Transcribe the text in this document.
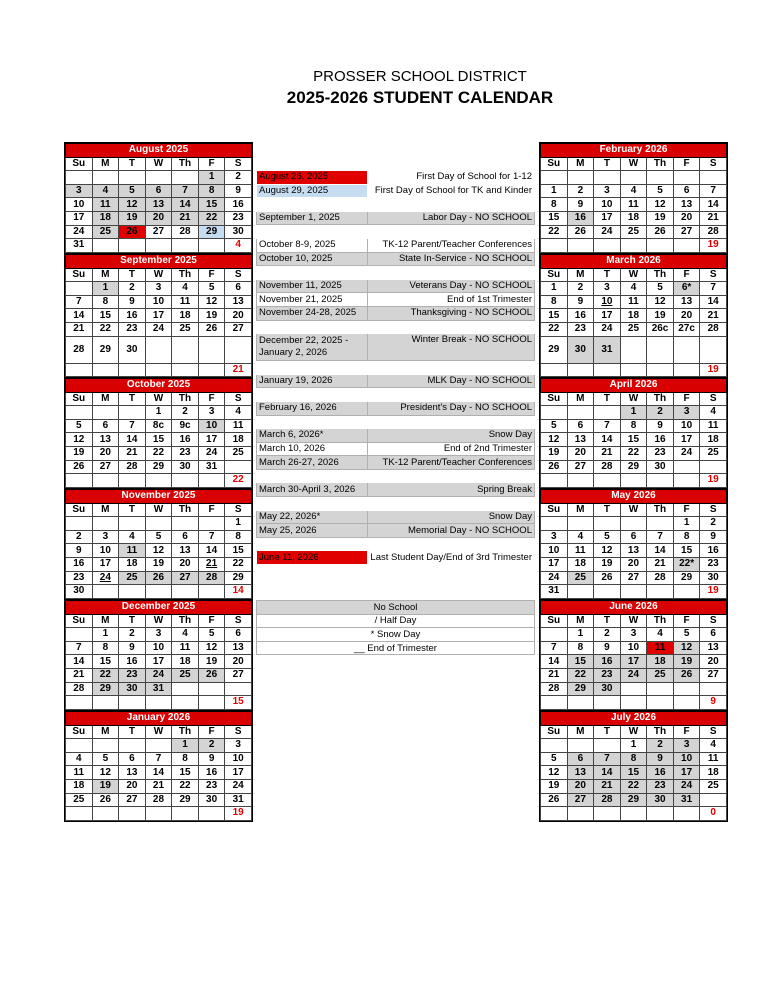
PROSSER SCHOOL DISTRICT
2025-2026 STUDENT CALENDAR
August 2025						
Su	M	T	W	Th	F	S
					1	2
3	4	5	6	7	8	9
10	11	12	13	14	15	16
17	18	19	20	21	22	23
24	25	26	27	28	29	30
31						4
September 2025						
Su	M	T	W	Th	F	S
	1	2	3	4	5	6
7	8	9	10	11	12	13
14	15	16	17	18	19	20
21	22	23	24	25	26	27
28	29	30				
						21
October 2025						
Su	M	T	W	Th	F	S
			1	2	3	4
5	6	7	8c	9c	10	11
12	13	14	15	16	17	18
19	20	21	22	23	24	25
26	27	28	29	30	31	
						22
November 2025						
Su	M	T	W	Th	F	S
						1
2	3	4	5	6	7	8
9	10	11	12	13	14	15
16	17	18	19	20	21	22
23	24	25	26	27	28	29
30						14
December 2025						
Su	M	T	W	Th	F	S
	1	2	3	4	5	6
7	8	9	10	11	12	13
14	15	16	17	18	19	20
21	22	23	24	25	26	27
28	29	30	31			
						15
January 2026						
Su	M	T	W	Th	F	S
				1	2	3
4	5	6	7	8	9	10
11	12	13	14	15	16	17
18	19	20	21	22	23	24
25	26	27	28	29	30	31
						19
February 2026						
Su	M	T	W	Th	F	S

1	2	3	4	5	6	7
8	9	10	11	12	13	14
15	16	17	18	19	20	21
22	26	24	25	26	27	28
						19
March 2026						
Su	M	T	W	Th	F	S
1	2	3	4	5	6*	7
8	9	10	11	12	13	14
15	16	17	18	19	20	21
22	23	24	25	26c	27c	28
29	30	31				
						19
April 2026						
Su	M	T	W	Th	F	S
			1	2	3	4
5	6	7	8	9	10	11
12	13	14	15	16	17	18
19	20	21	22	23	24	25
26	27	28	29	30		
						19
May 2026						
Su	M	T	W	Th	F	S
					1	2
3	4	5	6	7	8	9
10	11	12	13	14	15	16
17	18	19	20	21	22*	23
24	25	26	27	28	29	30
31						19
June 2026						
Su	M	T	W	Th	F	S
	1	2	3	4	5	6
7	8	9	10	11	12	13
14	15	16	17	18	19	20
21	22	23	24	25	26	27
28	29	30				
						9
July 2026						
Su	M	T	W	Th	F	S
			1	2	3	4
5	6	7	8	9	10	11
12	13	14	15	16	17	18
19	20	21	22	23	24	25
26	27	28	29	30	31	
						0
August 26, 2025	First Day of School for 1-12
August 29, 2025	First Day of School for TK and Kinder

September 1, 2025	Labor Day - NO SCHOOL

October 8-9, 2025	TK-12 Parent/Teacher Conferences
October 10, 2025	State In-Service - NO SCHOOL

November 11, 2025	Veterans Day - NO SCHOOL
November 21, 2025	End of 1st Trimester
November 24-28, 2025	Thanksgiving - NO SCHOOL

December 22, 2025 - January 2, 2026	Winter Break - NO SCHOOL

January 19, 2026	MLK Day - NO SCHOOL

February 16, 2026	President's Day - NO SCHOOL

March 6, 2026*	Snow Day
March 10, 2026	End of 2nd Trimester
March 26-27, 2026	TK-12 Parent/Teacher Conferences

March 30-April 3, 2026	Spring Break

May 22, 2026*	Snow Day
May 25, 2026	Memorial Day - NO SCHOOL

June 11, 2026	Last Student Day/End of 3rd Trimester
No School
/ Half Day
* Snow Day
__ End of Trimester
